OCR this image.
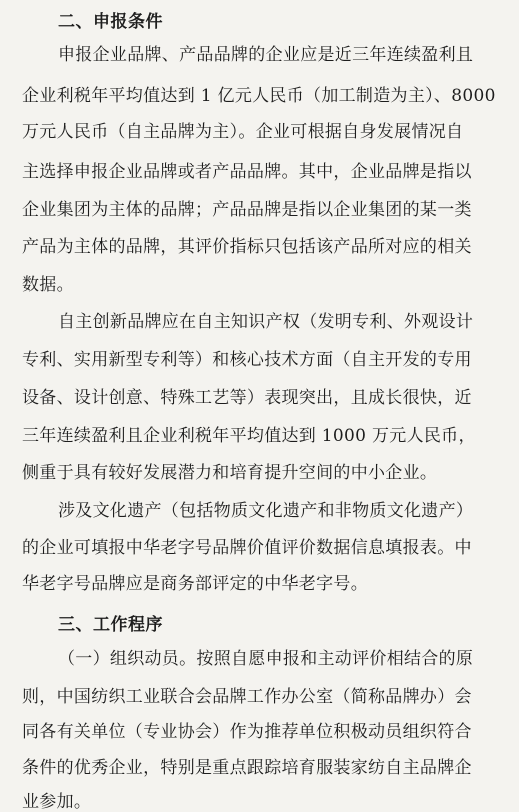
二、申报条件
申报企业品牌、产品品牌的企业应是近三年连续盈利且
企业利税年平均值达到 1 亿元人民币（加工制造为主）、8000
万元人民币（自主品牌为主）。企业可根据自身发展情况自
主选择申报企业品牌或者产品品牌。其中，企业品牌是指以
企业集团为主体的品牌；产品品牌是指以企业集团的某一类
产品为主体的品牌，其评价指标只包括该产品所对应的相关
数据。
自主创新品牌应在自主知识产权（发明专利、外观设计
专利、实用新型专利等）和核心技术方面（自主开发的专用
设备、设计创意、特殊工艺等）表现突出，且成长很快，近
三年连续盈利且企业利税年平均值达到 1000 万元人民币，
侧重于具有较好发展潜力和培育提升空间的中小企业。
涉及文化遗产（包括物质文化遗产和非物质文化遗产）
的企业可填报中华老字号品牌价值评价数据信息填报表。中
华老字号品牌应是商务部评定的中华老字号。
三、工作程序
（一）组织动员。按照自愿申报和主动评价相结合的原
则，中国纺织工业联合会品牌工作办公室（简称品牌办）会
同各有关单位（专业协会）作为推荐单位积极动员组织符合
条件的优秀企业，特别是重点跟踪培育服装家纺自主品牌企
业参加。
